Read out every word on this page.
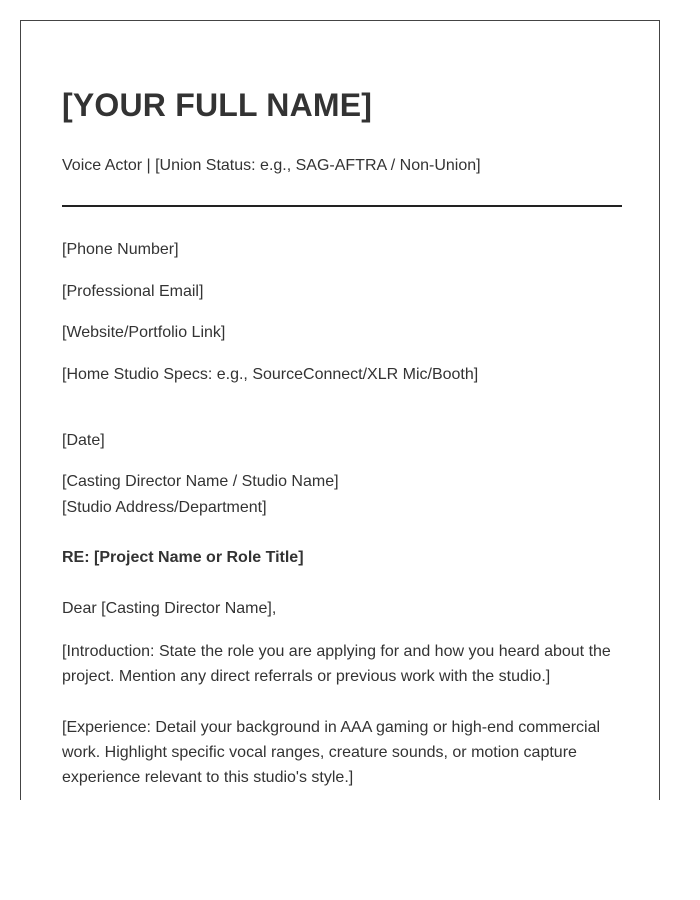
[YOUR FULL NAME]
Voice Actor | [Union Status: e.g., SAG-AFTRA / Non-Union]
[Phone Number]
[Professional Email]
[Website/Portfolio Link]
[Home Studio Specs: e.g., SourceConnect/XLR Mic/Booth]
[Date]
[Casting Director Name / Studio Name]
[Studio Address/Department]
RE: [Project Name or Role Title]
Dear [Casting Director Name],
[Introduction: State the role you are applying for and how you heard about the project. Mention any direct referrals or previous work with the studio.]
[Experience: Detail your background in AAA gaming or high-end commercial work. Highlight specific vocal ranges, creature sounds, or motion capture experience relevant to this studio's style.]
